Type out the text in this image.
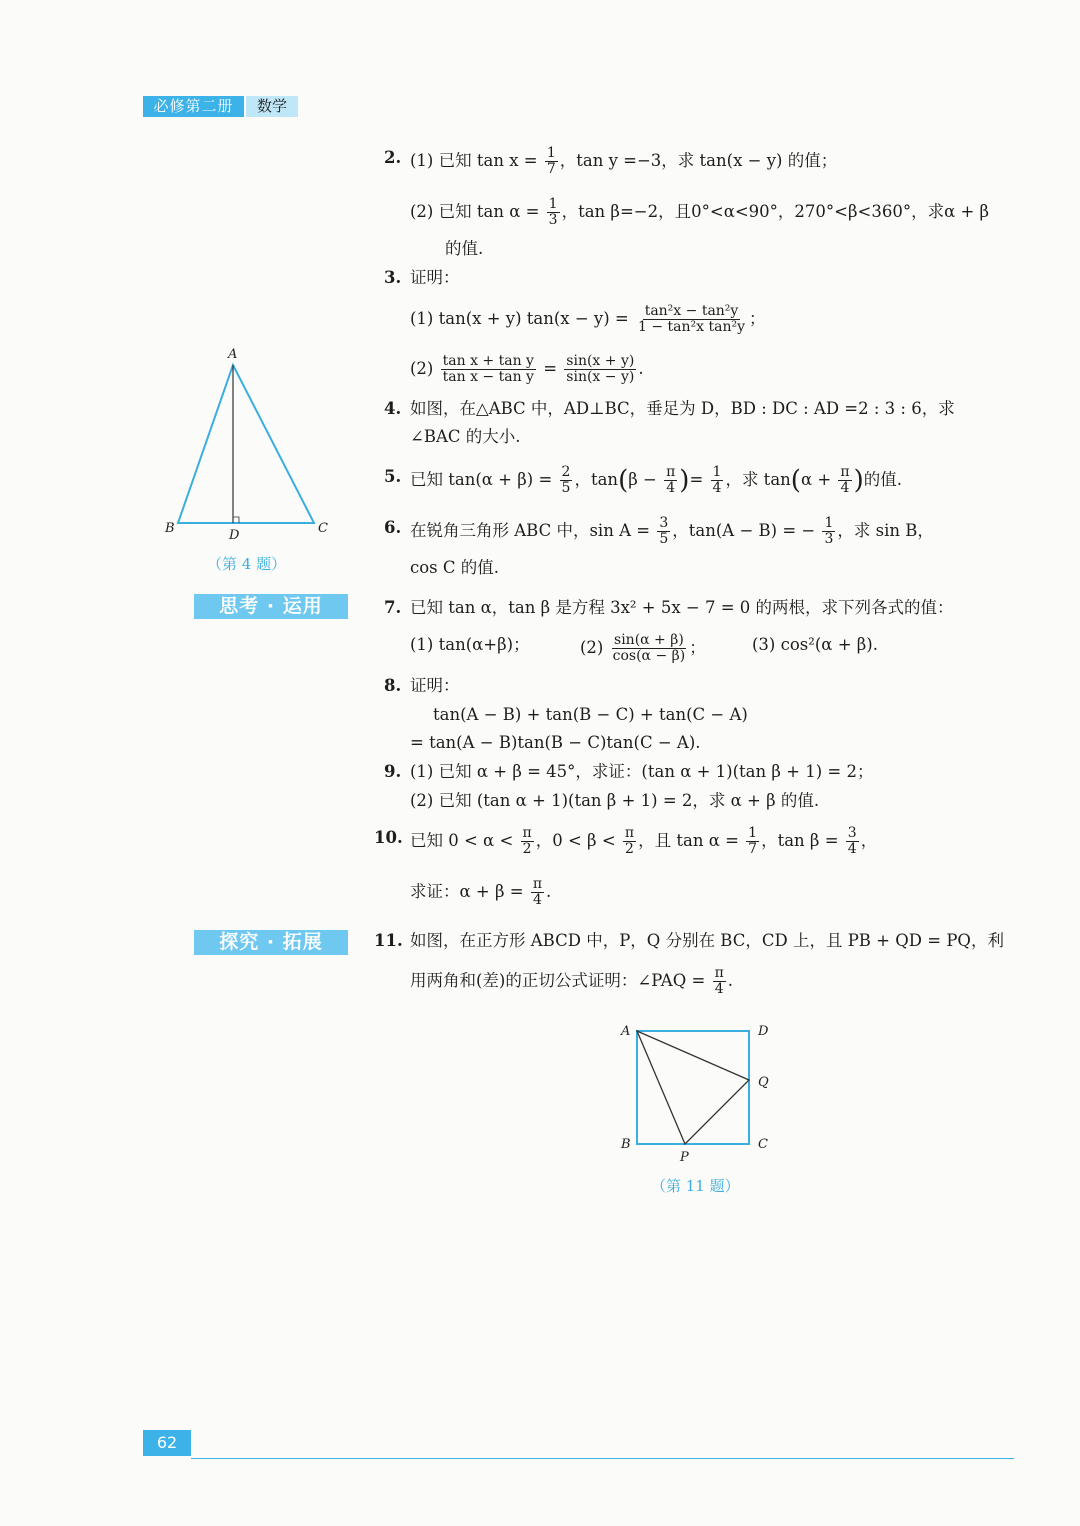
必修第二册	数学
2. (1) 已知 $\tan x = \frac{1}{7}$ ，tan y =−3，求 tan(x − y) 的值；
(2) 已知 $\tan \alpha = \frac{1}{3}$ ，tan β=−2，且0°<α<90°，270°<β<360°，求α + β
的值.
3. 证明：
(1) tan(x + y) $\tan(x - y) = \frac{\text{tan²x − tan²y}}{\text{1 − tan²x tan²y}}$ ；
$(2) \frac{\text{tan x + tan y}}{\text{tan x − tan y}} = \frac{\sin(x + y)}{\sin(x - y)}$ .
A
B	C
D
（第 4 题）
4. 如图，在△ABC 中，AD⊥BC，垂足为 D，BD : DC : AD =2 : 3 : 6，求
∠BAC 的大小.
5. 已知 $\tan(\alpha + \beta) = \frac{2}{5}$ ，$\tan(\beta - \frac{\pi}{4}$ )= $\frac{1}{4}$ ，求 $\tan(\alpha + \frac{\pi}{4}$ )的值.
6. 在锐角三角形 ABC 中，$\sin A = \frac{3}{5}$ ，tan(A − B) = − $\frac{1}{3}$ ，求 sin B，
cos C 的值.
思考 · 运用	7. 已知 tan α，tan β 是方程 3x² + 5x − 7 = 0 的两根，求下列各式的值：
(1) tan(α+β)；	$(2) \frac{\sin(\alpha + \beta)}{\cos(\alpha - \beta)}$ ；	(3) cos²(α + β).
8. 证明：
tan(A − B) + tan(B − C) + tan(C − A)
= tan(A − B)tan(B − C)tan(C − A).
9. (1) 已知 α + β = 45°，求证：(tan α + 1)(tan β + 1) = 2；
(2) 已知 (tan α + 1)(tan β + 1) = 2，求 α + β 的值.
10. 已知 $0 < \alpha < \frac{\pi}{2}$ ，$0 < \beta < \frac{\pi}{2}$ ，且 $\tan \alpha = \frac{1}{7}$ ，$\tan \beta = \frac{3}{4}$ ，
求证：$\alpha + \beta = \frac{\pi}{4}$ .
探究 · 拓展	11. 如图，在正方形 ABCD 中，P，Q 分别在 BC，CD 上，且 PB + QD = PQ，利
用两角和(差)的正切公式证明：∠PAQ = $\frac{\pi}{4}$ .
A
B	C
D
P
Q
（第 11 题）
62
